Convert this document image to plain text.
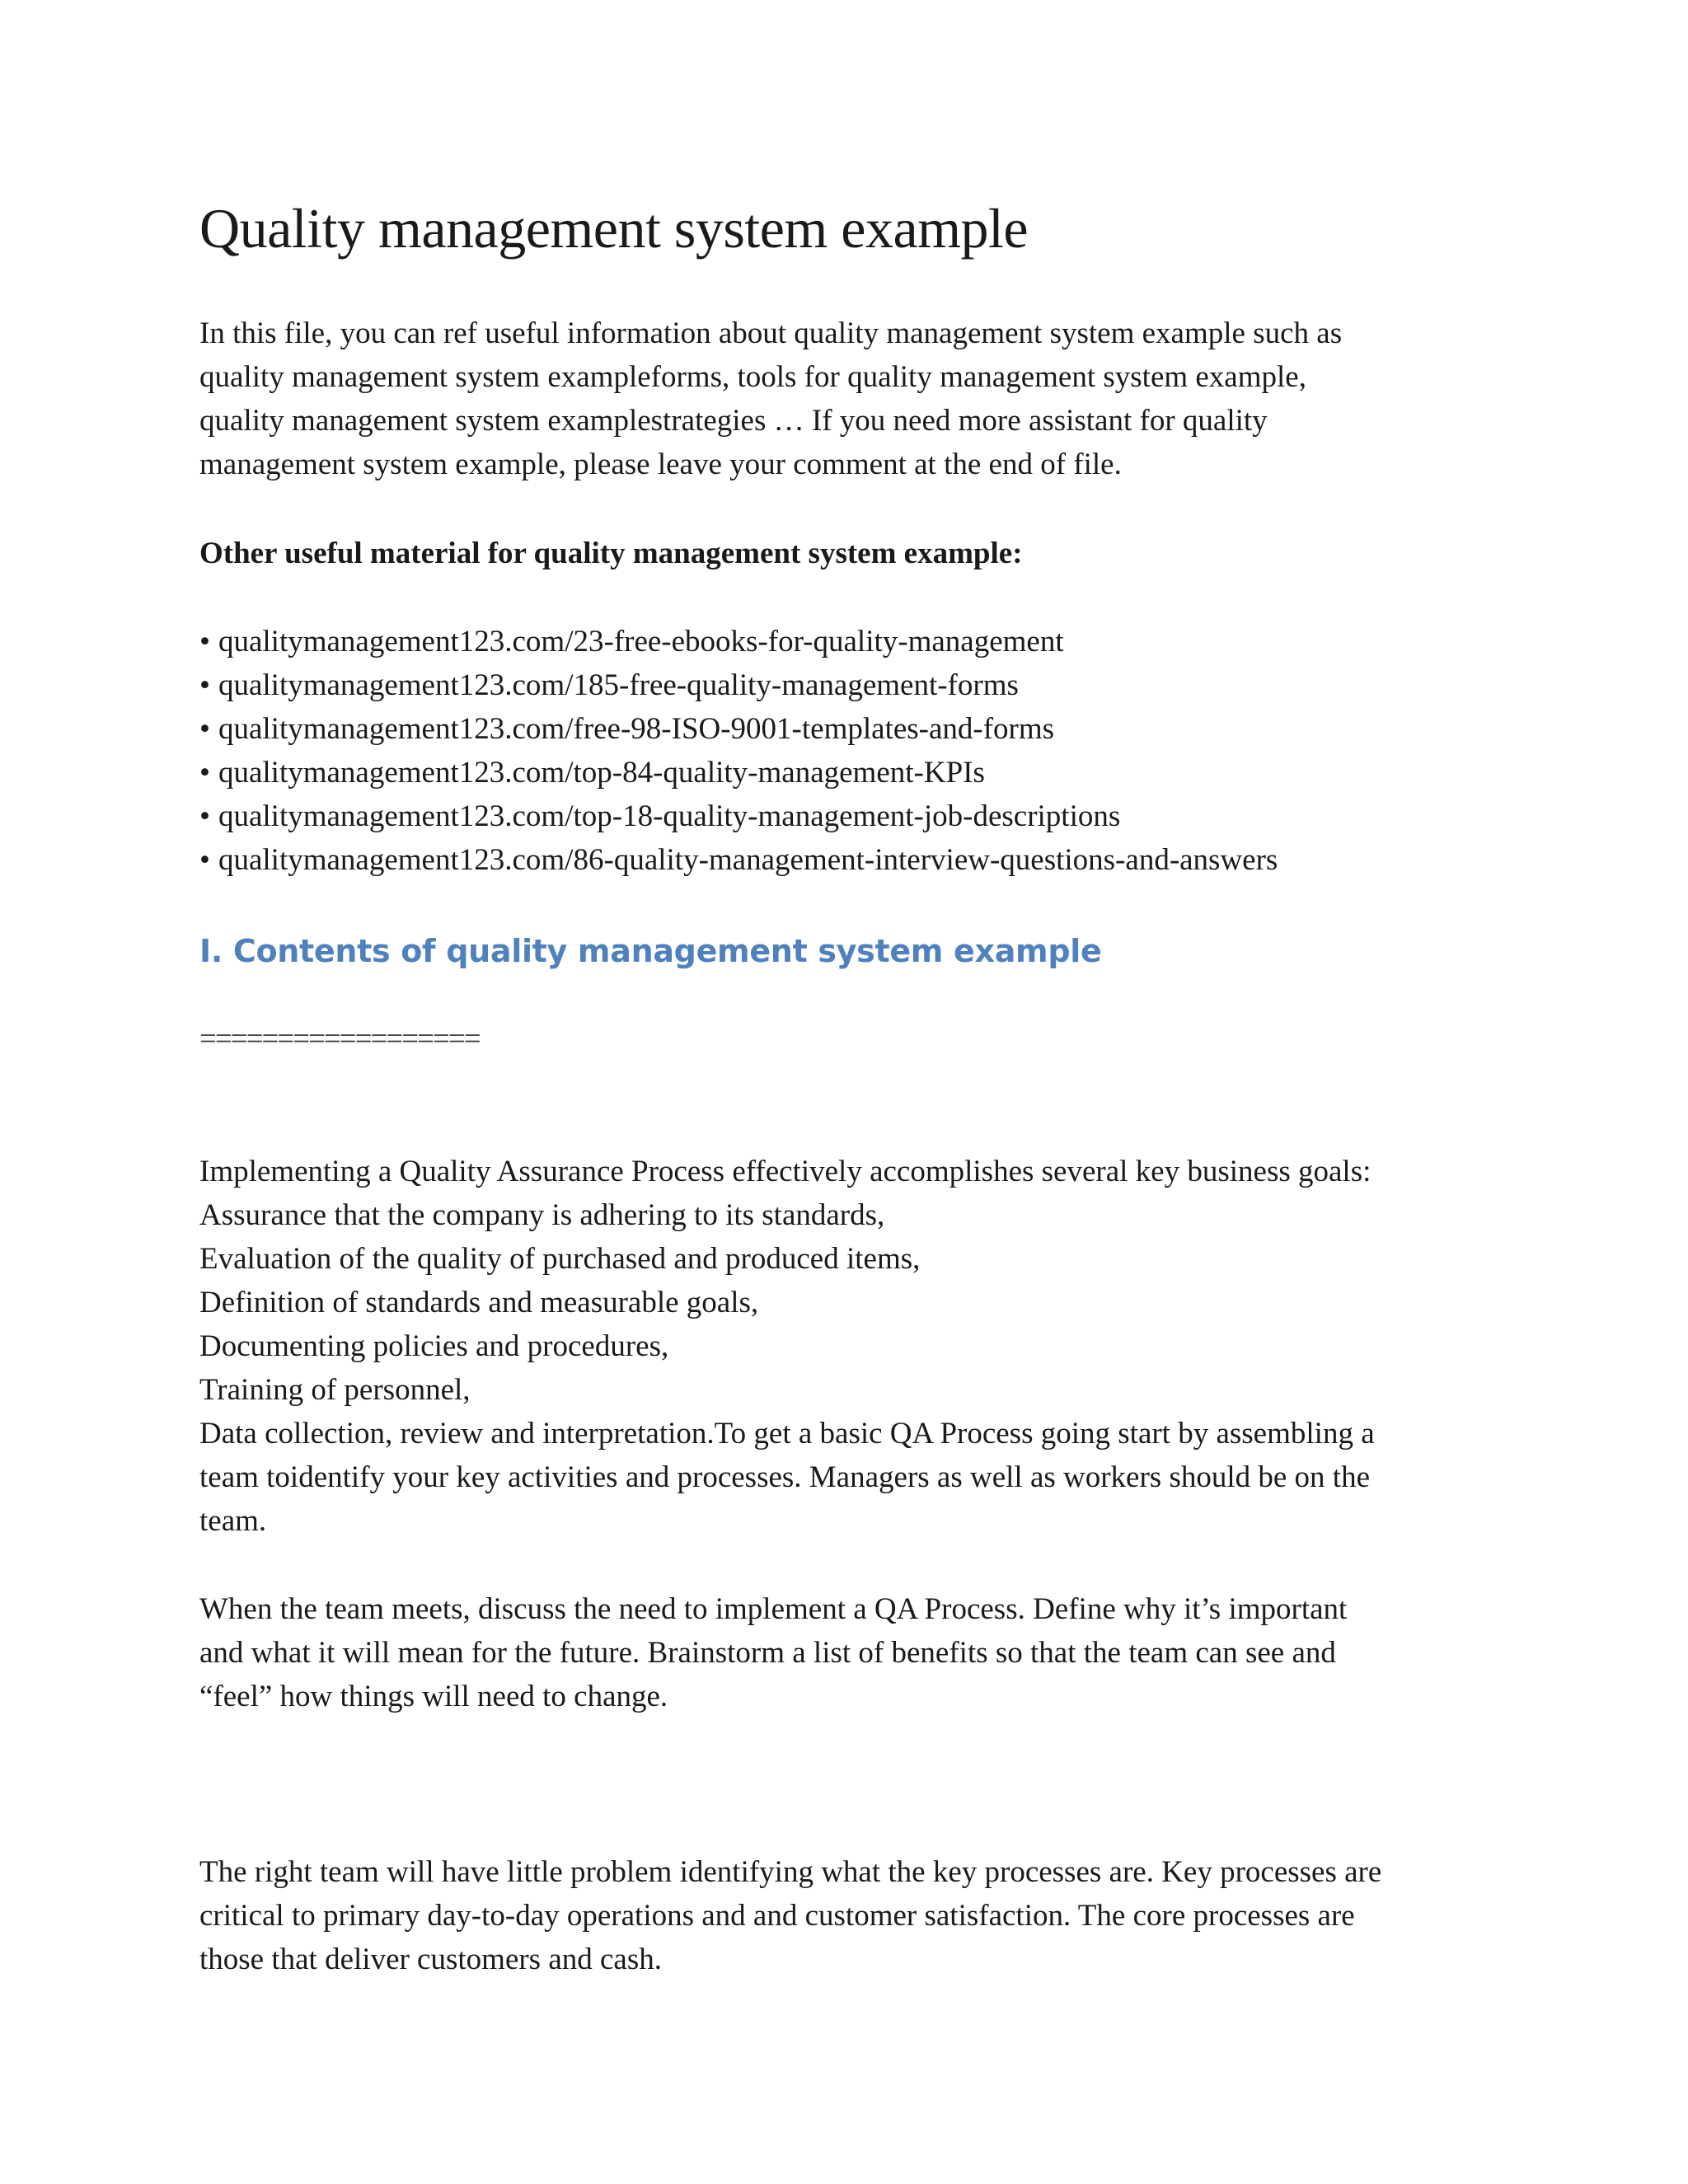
Quality management system example

In this file, you can ref useful information about quality management system example such as
quality management system exampleforms, tools for quality management system example,
quality management system examplestrategies … If you need more assistant for quality
management system example, please leave your comment at the end of file.

Other useful material for quality management system example:

• qualitymanagement123.com/23-free-ebooks-for-quality-management
• qualitymanagement123.com/185-free-quality-management-forms
• qualitymanagement123.com/free-98-ISO-9001-templates-and-forms
• qualitymanagement123.com/top-84-quality-management-KPIs
• qualitymanagement123.com/top-18-quality-management-job-descriptions
• qualitymanagement123.com/86-quality-management-interview-questions-and-answers
I. Contents of quality management system example

==================

Implementing a Quality Assurance Process effectively accomplishes several key business goals:
Assurance that the company is adhering to its standards,
Evaluation of the quality of purchased and produced items,
Definition of standards and measurable goals,
Documenting policies and procedures,
Training of personnel,
Data collection, review and interpretation.To get a basic QA Process going start by assembling a
team toidentify your key activities and processes. Managers as well as workers should be on the
team.

When the team meets, discuss the need to implement a QA Process. Define why it’s important
and what it will mean for the future. Brainstorm a list of benefits so that the team can see and
“feel” how things will need to change.

The right team will have little problem identifying what the key processes are. Key processes are
critical to primary day-to-day operations and and customer satisfaction. The core processes are
those that deliver customers and cash.
